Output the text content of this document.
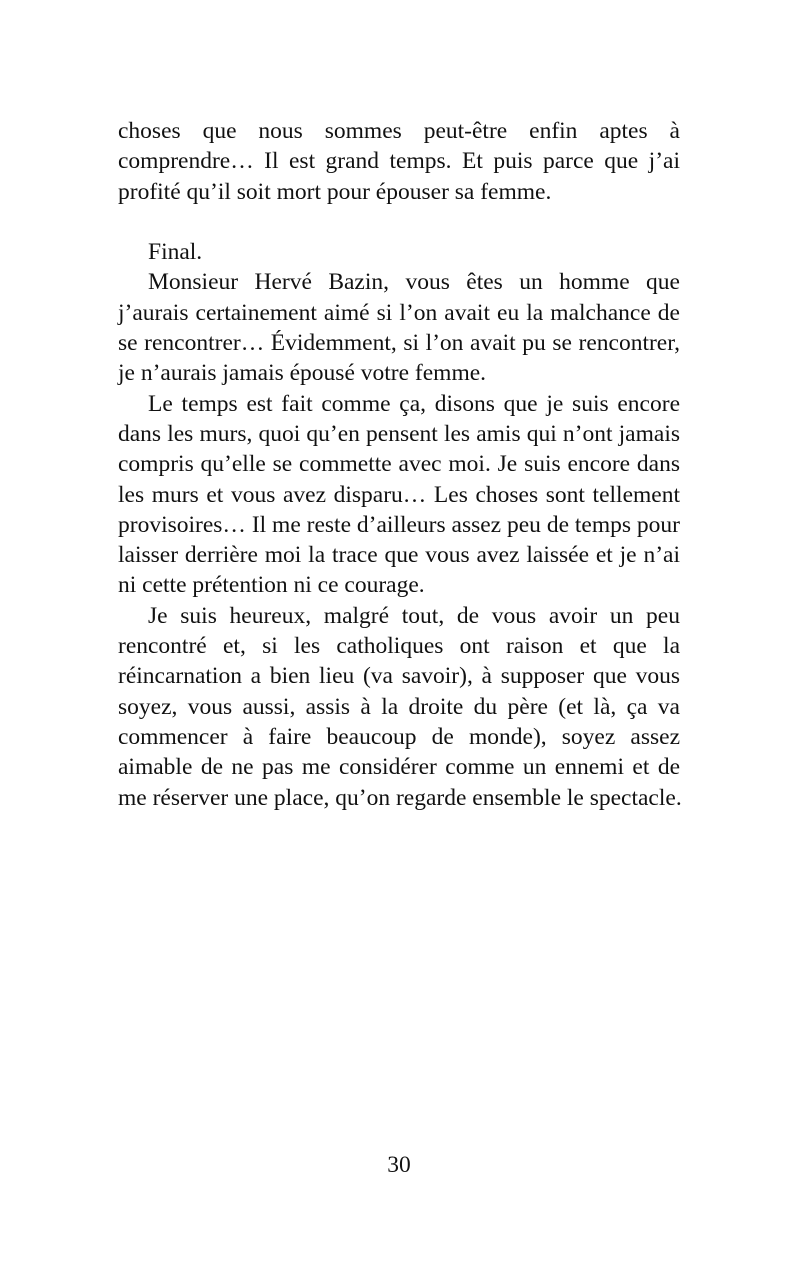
choses que nous sommes peut-être enfin aptes à
comprendre… Il est grand temps. Et puis parce que j’ai
profité qu’il soit mort pour épouser sa femme.
Final.
Monsieur Hervé Bazin, vous êtes un homme que
j’aurais certainement aimé si l’on avait eu la malchance de
se rencontrer… Évidemment, si l’on avait pu se rencontrer,
je n’aurais jamais épousé votre femme.
Le temps est fait comme ça, disons que je suis encore
dans les murs, quoi qu’en pensent les amis qui n’ont jamais
compris qu’elle se commette avec moi. Je suis encore dans
les murs et vous avez disparu… Les choses sont tellement
provisoires… Il me reste d’ailleurs assez peu de temps pour
laisser derrière moi la trace que vous avez laissée et je n’ai
ni cette prétention ni ce courage.
Je suis heureux, malgré tout, de vous avoir un peu
rencontré et, si les catholiques ont raison et que la
réincarnation a bien lieu (va savoir), à supposer que vous
soyez, vous aussi, assis à la droite du père (et là, ça va
commencer à faire beaucoup de monde), soyez assez
aimable de ne pas me considérer comme un ennemi et de
me réserver une place, qu’on regarde ensemble le spectacle.
30
